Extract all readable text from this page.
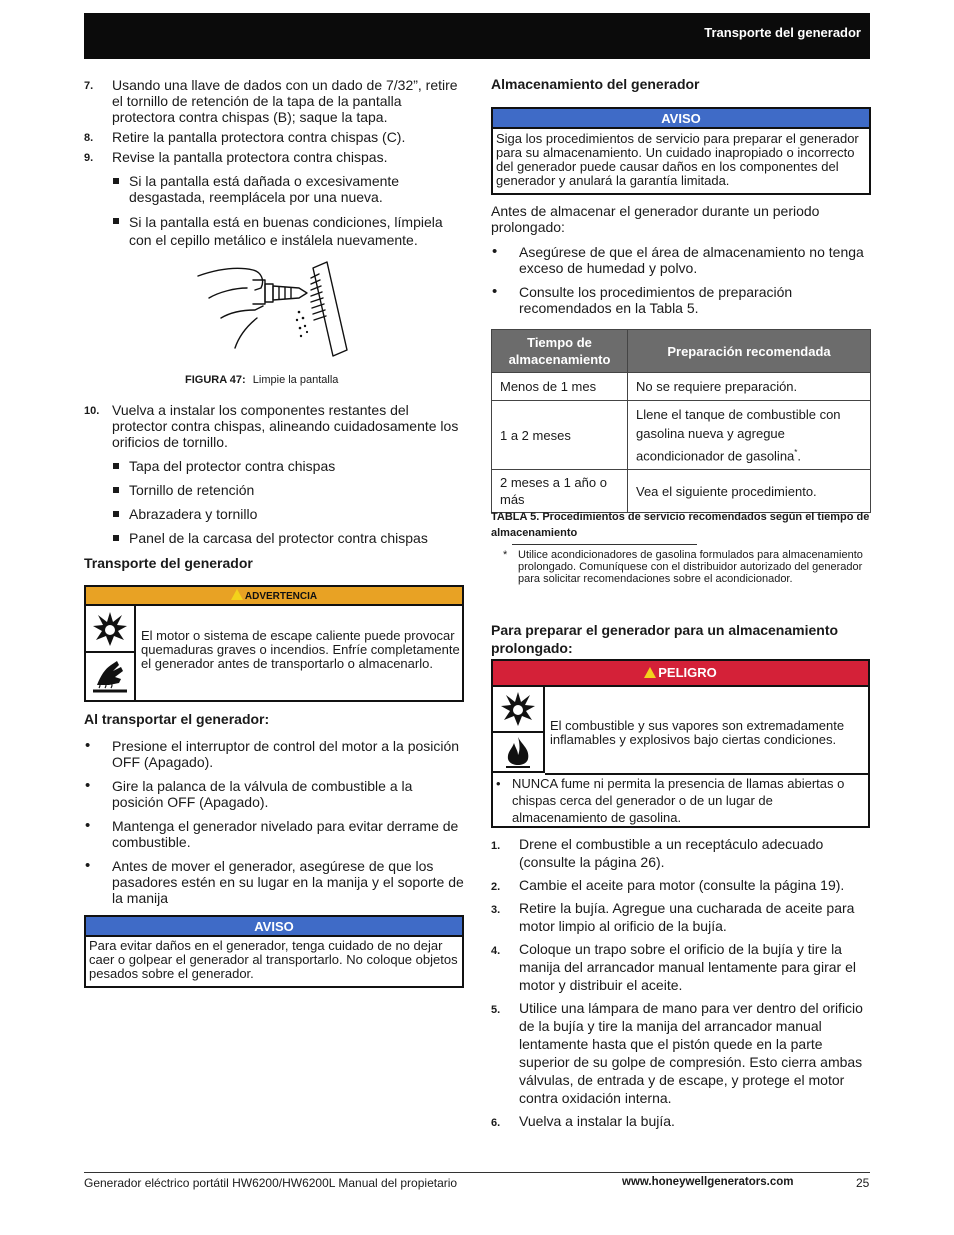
Transporte del generador
7. Usando una llave de dados con un dado de 7/32”, retire el tornillo de retención de la tapa de la pantalla protectora contra chispas (B); saque la tapa.
8. Retire la pantalla protectora contra chispas (C).
9. Revise la pantalla protectora contra chispas.
Si la pantalla está dañada o excesivamente desgastada, reemplácela por una nueva.
Si la pantalla está en buenas condiciones, límpiela con el cepillo metálico e instálela nuevamente.
FIGURA 47: Limpie la pantalla
10. Vuelva a instalar los componentes restantes del protector contra chispas, alineando cuidadosamente los orificios de tornillo.
Tapa del protector contra chispas
Tornillo de retención
Abrazadera y tornillo
Panel de la carcasa del protector contra chispas
Transporte del generador
ADVERTENCIA
El motor o sistema de escape caliente puede provocar quemaduras graves o incendios. Enfríe completamente el generador antes de transportarlo o almacenarlo.
Al transportar el generador:
• Presione el interruptor de control del motor a la posición OFF (Apagado).
• Gire la palanca de la válvula de combustible a la posición OFF (Apagado).
• Mantenga el generador nivelado para evitar derrame de combustible.
• Antes de mover el generador, asegúrese de que los pasadores estén en su lugar en la manija y el soporte de la manija
AVISO
Para evitar daños en el generador, tenga cuidado de no dejar caer o golpear el generador al transportarlo. No coloque objetos pesados sobre el generador.
Almacenamiento del generador
AVISO
Siga los procedimientos de servicio para preparar el generador para su almacenamiento. Un cuidado inapropiado o incorrecto del generador puede causar daños en los componentes del generador y anulará la garantía limitada.
Antes de almacenar el generador durante un periodo prolongado:
• Asegúrese de que el área de almacenamiento no tenga exceso de humedad y polvo.
• Consulte los procedimientos de preparación recomendados en la Tabla 5.
Tiempo de almacenamiento	Preparación recomendada
Menos de 1 mes	No se requiere preparación.
1 a 2 meses	Llene el tanque de combustible con gasolina nueva y agregue acondicionador de gasolina*.
2 meses a 1 año o más	Vea el siguiente procedimiento.
TABLA 5. Procedimientos de servicio recomendados según el tiempo de almacenamiento
* Utilice acondicionadores de gasolina formulados para almacenamiento prolongado. Comuníquese con el distribuidor autorizado del generador para solicitar recomendaciones sobre el acondicionador.
Para preparar el generador para un almacenamiento prolongado:
PELIGRO
El combustible y sus vapores son extremadamente inflamables y explosivos bajo ciertas condiciones.
• NUNCA fume ni permita la presencia de llamas abiertas o chispas cerca del generador o de un lugar de almacenamiento de gasolina.
1. Drene el combustible a un receptáculo adecuado (consulte la página 26).
2. Cambie el aceite para motor (consulte la página 19).
3. Retire la bujía. Agregue una cucharada de aceite para motor limpio al orificio de la bujía.
4. Coloque un trapo sobre el orificio de la bujía y tire la manija del arrancador manual lentamente para girar el motor y distribuir el aceite.
5. Utilice una lámpara de mano para ver dentro del orificio de la bujía y tire la manija del arrancador manual lentamente hasta que el pistón quede en la parte superior de su golpe de compresión. Esto cierra ambas válvulas, de entrada y de escape, y protege el motor contra oxidación interna.
6. Vuelva a instalar la bujía.
Generador eléctrico portátil HW6200/HW6200L Manual del propietario	www.honeywellgenerators.com	25
